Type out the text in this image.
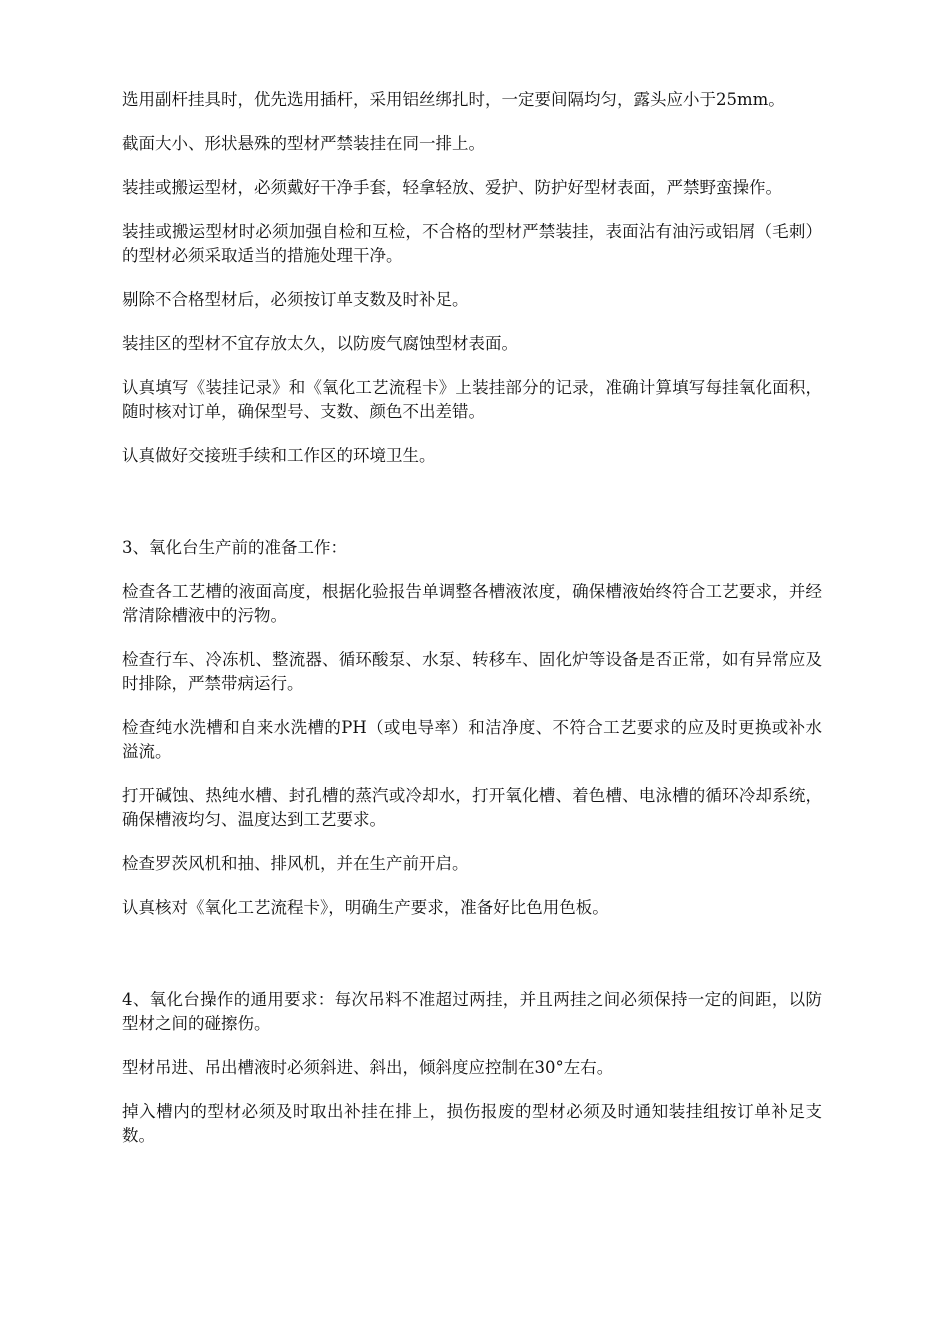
选用副杆挂具时，优先选用插杆，采用铝丝绑扎时，一定要间隔均匀，露头应小于25mm。

截面大小、形状悬殊的型材严禁装挂在同一排上。

装挂或搬运型材，必须戴好干净手套，轻拿轻放、爱护、防护好型材表面，严禁野蛮操作。

装挂或搬运型材时必须加强自检和互检，不合格的型材严禁装挂，表面沾有油污或铝屑（毛刺）的型材必须采取适当的措施处理干净。

剔除不合格型材后，必须按订单支数及时补足。

装挂区的型材不宜存放太久，以防废气腐蚀型材表面。

认真填写《装挂记录》和《氧化工艺流程卡》上装挂部分的记录，准确计算填写每挂氧化面积，随时核对订单，确保型号、支数、颜色不出差错。

认真做好交接班手续和工作区的环境卫生。

3、氧化台生产前的准备工作：

检查各工艺槽的液面高度，根据化验报告单调整各槽液浓度，确保槽液始终符合工艺要求，并经常清除槽液中的污物。

检查行车、冷冻机、整流器、循环酸泵、水泵、转移车、固化炉等设备是否正常，如有异常应及时排除，严禁带病运行。

检查纯水洗槽和自来水洗槽的PH（或电导率）和洁净度、不符合工艺要求的应及时更换或补水溢流。

打开碱蚀、热纯水槽、封孔槽的蒸汽或冷却水，打开氧化槽、着色槽、电泳槽的循环冷却系统，确保槽液均匀、温度达到工艺要求。

检查罗茨风机和抽、排风机，并在生产前开启。

认真核对《氧化工艺流程卡》，明确生产要求，准备好比色用色板。

4、氧化台操作的通用要求：每次吊料不准超过两挂，并且两挂之间必须保持一定的间距，以防型材之间的碰擦伤。

型材吊进、吊出槽液时必须斜进、斜出，倾斜度应控制在30°左右。

掉入槽内的型材必须及时取出补挂在排上，损伤报废的型材必须及时通知装挂组按订单补足支数。
